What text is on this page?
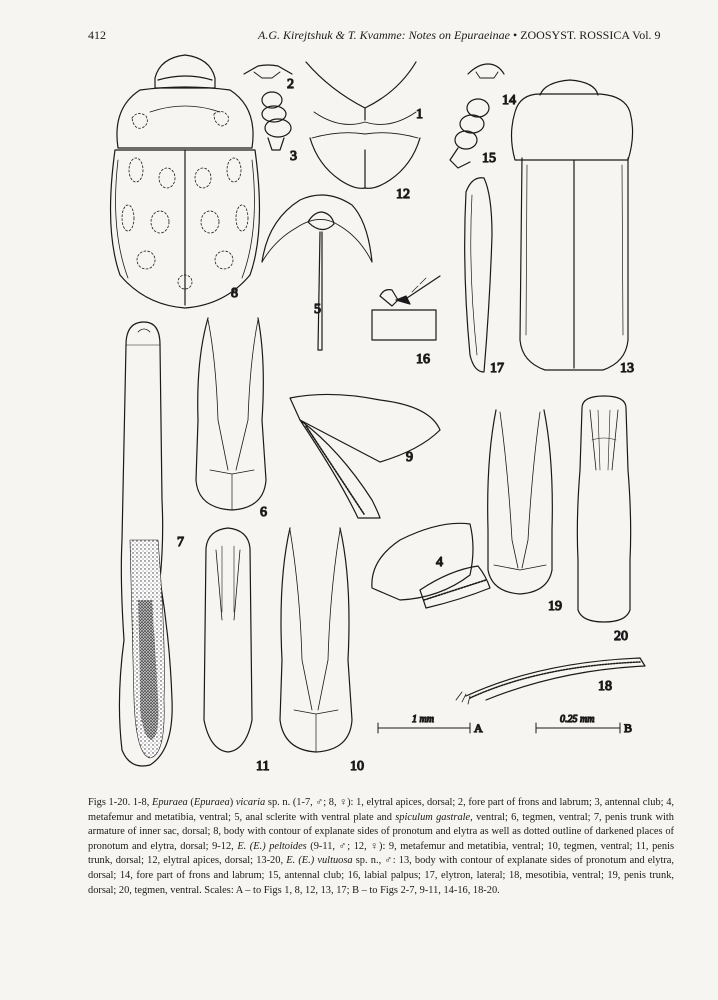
412	A.G. Kirejtshuk & T. Kvamme: Notes on Epuraeinae • ZOOSYST. ROSSICA Vol. 9
1
2
3
4
5
6
7
8
9
10
11
12
13
14
15
16
17
18
19
20
1 mm
A
0.25 mm
B
Figs 1-20. 1-8, Epuraea (Epuraea) vicaria sp. n. (1-7, ♂; 8, ♀): 1, elytral apices, dorsal; 2, fore part of frons and labrum; 3, antennal club; 4, metafemur and metatibia, ventral; 5, anal sclerite with ventral plate and spiculum gastrale, ventral; 6, tegmen, ventral; 7, penis trunk with armature of inner sac, dorsal; 8, body with contour of explanate sides of pronotum and elytra as well as dotted outline of darkened places of pronotum and elytra, dorsal; 9-12, E. (E.) peltoides (9-11, ♂; 12, ♀): 9, metafemur and metatibia, ventral; 10, tegmen, ventral; 11, penis trunk, dorsal; 12, elytral apices, dorsal; 13-20, E. (E.) vultuosa sp. n., ♂: 13, body with contour of explanate sides of pronotum and elytra, dorsal; 14, fore part of frons and labrum; 15, antennal club; 16, labial palpus; 17, elytron, lateral; 18, mesotibia, ventral; 19, penis trunk, dorsal; 20, tegmen, ventral. Scales: A – to Figs 1, 8, 12, 13, 17; B – to Figs 2-7, 9-11, 14-16, 18-20.
